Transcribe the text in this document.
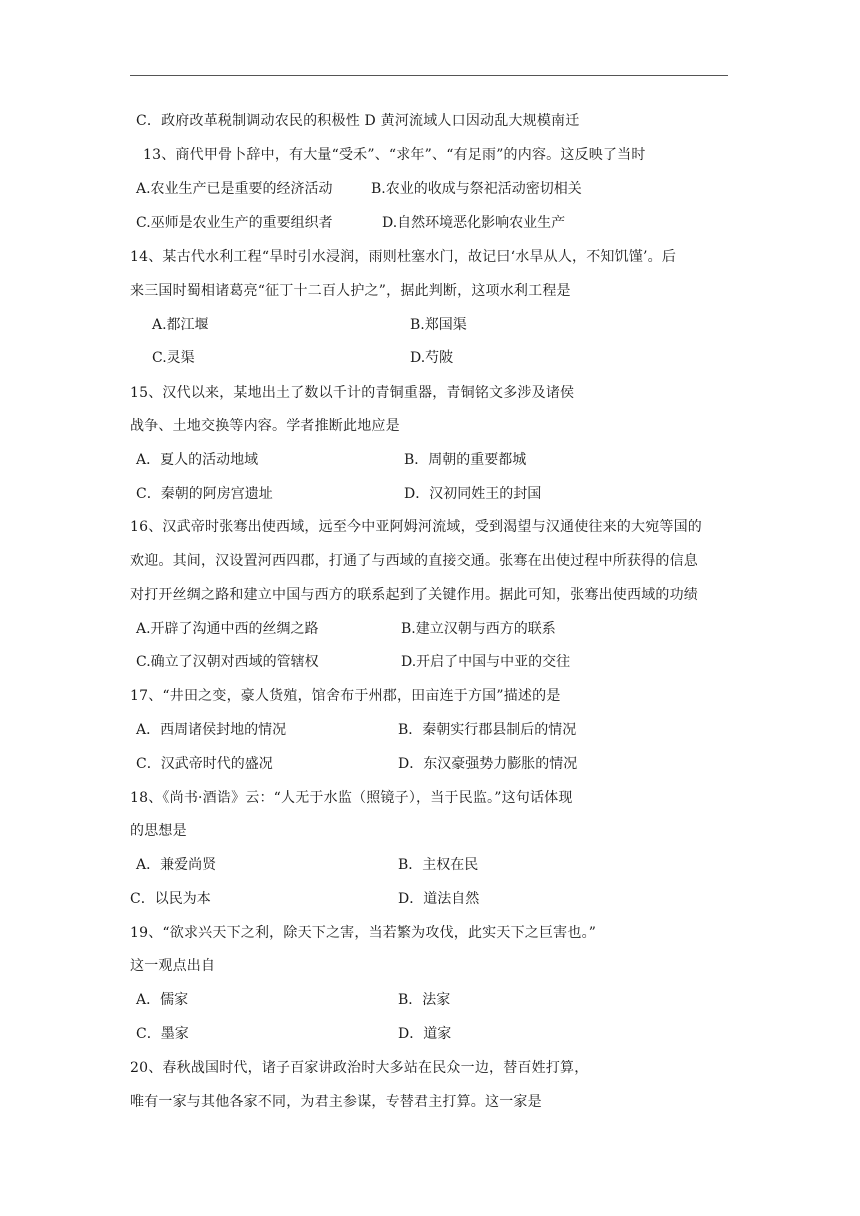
C．政府改革税制调动农民的积极性 D 黄河流域人口因动乱大规模南迁
13、商代甲骨卜辞中，有大量“受禾”、“求年”、“有足雨”的内容。这反映了当时
A.农业生产已是重要的经济活动	B.农业的收成与祭祀活动密切相关
C.巫师是农业生产的重要组织者	D.自然环境恶化影响农业生产
14、某古代水利工程“旱时引水浸润，雨则杜塞水门，故记曰‘水旱从人，不知饥馑’。后
来三国时蜀相诸葛亮“征丁十二百人护之”，据此判断，这项水利工程是
A.都江堰	B.郑国渠
C.灵渠	D.芍陂
15、汉代以来，某地出土了数以千计的青铜重器，青铜铭文多涉及诸侯
战争、土地交换等内容。学者推断此地应是
A．夏人的活动地域	B．周朝的重要都城
C．秦朝的阿房宫遗址	D．汉初同姓王的封国
16、汉武帝时张骞出使西域，远至今中亚阿姆河流域，受到渴望与汉通使往来的大宛等国的
欢迎。其间，汉设置河西四郡，打通了与西域的直接交通。张骞在出使过程中所获得的信息
对打开丝绸之路和建立中国与西方的联系起到了关键作用。据此可知，张骞出使西域的功绩
A.开辟了沟通中西的丝绸之路	B.建立汉朝与西方的联系
C.确立了汉朝对西域的管辖权	D.开启了中国与中亚的交往
17、“井田之变，豪人货殖，馆舍布于州郡，田亩连于方国”描述的是
A．西周诸侯封地的情况	B．秦朝实行郡县制后的情况
C．汉武帝时代的盛况	D．东汉豪强势力膨胀的情况
18、《尚书·酒诰》云：“人无于水监（照镜子），当于民监。”这句话体现
的思想是
A．兼爱尚贤	B．主权在民
C．以民为本	D．道法自然
19、“欲求兴天下之利，除天下之害，当若繁为攻伐，此实天下之巨害也。”
这一观点出自
A．儒家	B．法家
C．墨家	D．道家
20、春秋战国时代，诸子百家讲政治时大多站在民众一边，替百姓打算，
唯有一家与其他各家不同，为君主参谋，专替君主打算。这一家是
